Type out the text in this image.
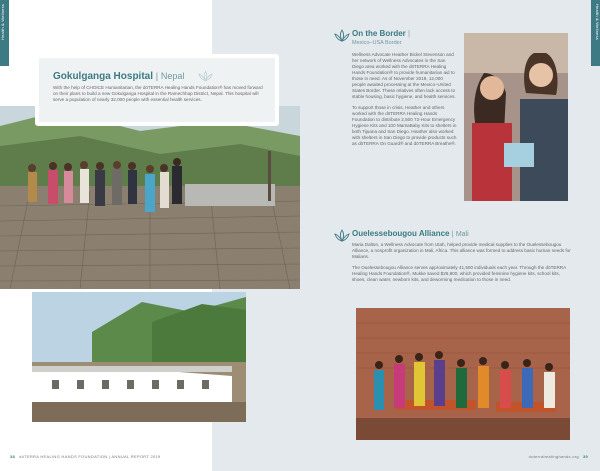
Health & Wellness

Gokulganga Hospital | Nepal

With the help of CHOICE Humanitarian, the dōTERRA Healing Hands Foundation® has moved forward on their plans to build a new Gokulganga Hospital in the Ramechhap District, Nepal. This hospital will serve a population of nearly 32,000 people with essential health services.

38 dōTERRA HEALING HANDS FOUNDATION | ANNUAL REPORT 2019
Health & Wellness
On the Border |
Mexico–USA Border

Wellness Advocate Heather Bickel Stevenson and her network of Wellness Advocates in the San Diego area worked with the dōTERRA Healing Hands Foundation® to provide humanitarian aid to those in need. As of November 2019, 12,000 people awaited processing at the Mexico–United States Border. These relatives often lack access to stable housing, basic hygiene, and health services.

To support those in crisis, Heather and others worked with the dōTERRA Healing Hands Foundation to distribute 2,500 72-Hour Emergency Hygiene Kits and 100 MamaBaby Kits to shelters in both Tijuana and San Diego. Heather also worked with shelters in San Diego to provide products such as dōTERRA On Guard® and dōTERRA Breathe®.

Ouelessebougou Alliance | Mali

Maria Dalton, a Wellness Advocate from Utah, helped provide medical supplies to the Ouelessebougou Alliance, a nonprofit organization in Mali, Africa. This alliance was formed to address basic human needs for Malians.

The Ouelessebougou Alliance serves approximately 41,500 individuals each year. Through the dōTERRA Healing Hands Foundation®, Mukke saved $26,800, which provided feminine hygiene kits, school kits, shoes, clean water, newborn kits, and deworming medication to those in need.

doterrahealinghands.org 39
